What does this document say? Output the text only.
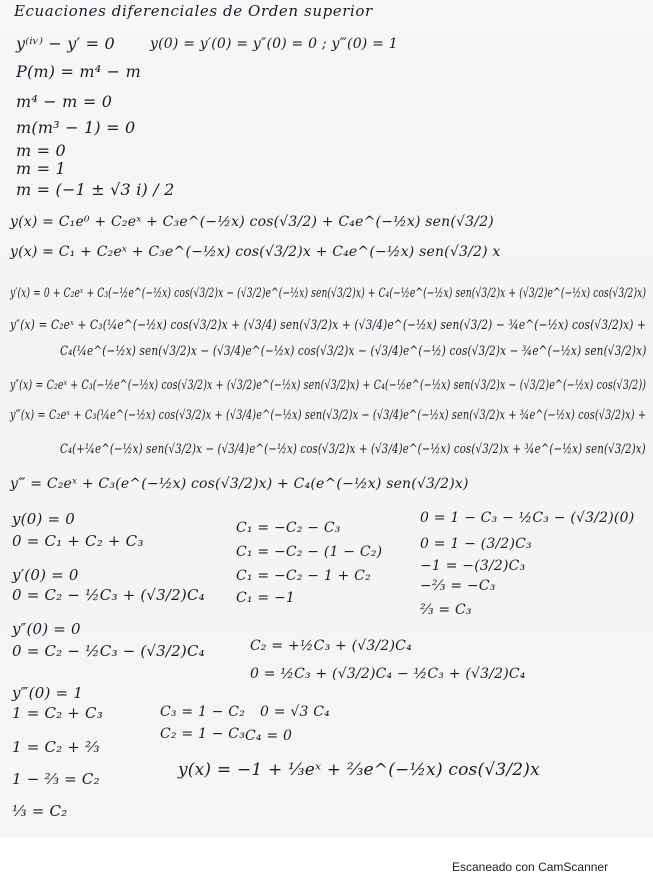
Ecuaciones diferenciales de Orden superior
y⁽ⁱᵛ⁾ − y′ = 0	y(0) = y′(0) = y″(0) = 0 ; y‴(0) = 1
P(m) = m⁴ − m
m⁴ − m = 0
m(m³ − 1) = 0
m = 0
m = 1
m = (−1 ± √3 i) / 2
y(x) = C₁e⁰ + C₂eˣ + C₃e^(−½x) cos(√3/2) + C₄e^(−½x) sen(√3/2)
y(x) = C₁ + C₂eˣ + C₃e^(−½x) cos(√3/2)x + C₄e^(−½x) sen(√3/2) x
y′(x) = 0 + C₂eˣ + C₃(−½e^(−½x) cos(√3/2)x − (√3/2)e^(−½x) sen(√3/2)x) + C₄(−½e^(−½x) sen(√3/2)x + (√3/2)e^(−½x) cos(√3/2)x)
y″(x) = C₂eˣ + C₃(¼e^(−½x) cos(√3/2)x + (√3/4) sen(√3/2)x + (√3/4)e^(−½x) sen(√3/2) − ¾e^(−½x) cos(√3/2)x) +
C₄(¼e^(−½x) sen(√3/2)x − (√3/4)e^(−½x) cos(√3/2)x − (√3/4)e^(−½) cos(√3/2)x − ¾e^(−½x) sen(√3/2)x)
y″(x) = C₂eˣ + C₃(−½e^(−½x) cos(√3/2)x + (√3/2)e^(−½x) sen(√3/2)x) + C₄(−½e^(−½x) sen(√3/2)x − (√3/2)e^(−½x) cos(√3/2))
y‴(x) = C₂eˣ + C₃(¼e^(−½x) cos(√3/2)x + (√3/4)e^(−½x) sen(√3/2)x − (√3/4)e^(−½x) sen(√3/2)x + ¾e^(−½x) cos(√3/2)x) +
C₄(+¼e^(−½x) sen(√3/2)x − (√3/4)e^(−½x) cos(√3/2)x + (√3/4)e^(−½x) cos(√3/2)x + ¾e^(−½x) sen(√3/2)x)
y‴ = C₂eˣ + C₃(e^(−½x) cos(√3/2)x) + C₄(e^(−½x) sen(√3/2)x)
y(0) = 0
0 = C₁ + C₂ + C₃
y′(0) = 0
0 = C₂ − ½C₃ + (√3/2)C₄
y″(0) = 0
0 = C₂ − ½C₃ − (√3/2)C₄
y‴(0) = 1
1 = C₂ + C₃
1 = C₂ + ⅔
1 − ⅔ = C₂
⅓ = C₂
C₁ = −C₂ − C₃
C₁ = −C₂ − (1 − C₂)
C₁ = −C₂ − 1 + C₂
C₁ = −1
C₂ = +½C₃ + (√3/2)C₄
0 = ½C₃ + (√3/2)C₄ − ½C₃ + (√3/2)C₄
C₃ = 1 − C₂
C₂ = 1 − C₃
0 = √3 C₄
C₄ = 0
0 = 1 − C₃ − ½C₃ − (√3/2)(0)
0 = 1 − (3/2)C₃
−1 = −(3/2)C₃
−⅔ = −C₃
⅔ = C₃
y(x) = −1 + ⅓eˣ + ⅔e^(−½x) cos(√3/2)x
Escaneado con CamScanner
